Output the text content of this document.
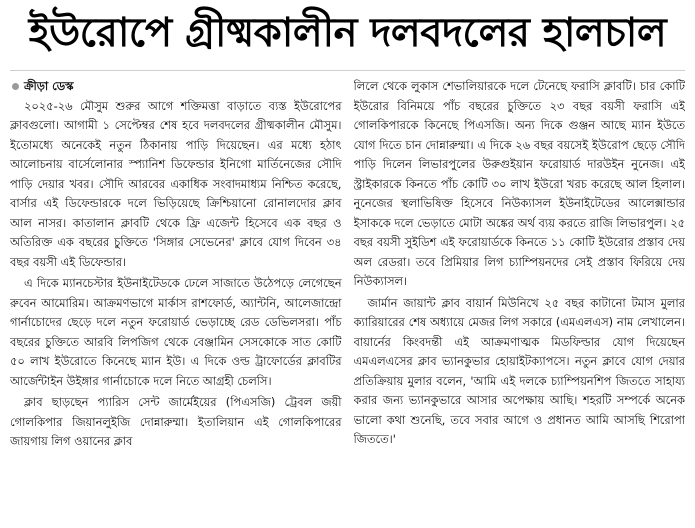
ইউরোপে গ্রীষ্মকালীন দলবদলের হালচাল
ক্রীড়া ডেস্ক

২০২৫-২৬ মৌসুম শুরুর আগে শক্তিমত্তা বাড়াতে ব্যস্ত ইউরোপের ক্লাবগুলো। আগামী ১ সেপ্টেম্বর শেষ হবে দলবদলের গ্রীষ্মকালীন মৌসুম। ইতোমধ্যে অনেকেই নতুন ঠিকানায় পাড়ি দিয়েছেন। এর মধ্যে হঠাৎ আলোচনায় বার্সেলোনার স্প্যানিশ ডিফেন্ডার ইনিগো মার্তিনেজের সৌদি পাড়ি দেয়ার খবর। সৌদি আরবের একাধিক সংবাদমাধ্যম নিশ্চিত করেছে, বার্সার এই ডিফেন্ডারকে দলে ভিড়িয়েছে ক্রিশ্চিয়ানো রোনালদোর ক্লাব আল নাসর। কাতালান ক্লাবটি থেকে ফ্রি এজেন্ট হিসেবে এক বছর ও অতিরিক্ত এক বছরের চুক্তিতে 'সিঙ্গার সেভেনের' ক্লাবে যোগ দিবেন ৩৪ বছর বয়সী এই ডিফেন্ডার।

এ দিকে ম্যানচেস্টার ইউনাইটেডকে ঢেলে সাজাতে উঠেপড়ে লেগেছেন রুবেন আমোরিম। আক্রমণভাগে মার্কাস রাশফোর্ড, অ্যান্টনি, আলেজান্দ্রো গার্নাচোদের ছেড়ে দলে নতুন ফরোয়ার্ড ভেড়াচ্ছে রেড ডেভিলসরা। পাঁচ বছরের চুক্তিতে আরবি লিপজিগ থেকে বেঞ্জামিন সেসকোকে সাত কোটি ৫০ লাখ ইউরোতে কিনেছে ম্যান ইউ। এ দিকে ওল্ড ট্রাফোর্ডের ক্লাবটির আর্জেন্টাইন উইঙ্গার গার্নাচোকে দলে নিতে আগ্রহী চেলসি।

ক্লাব ছাড়ছেন প্যারিস সেন্ট জার্মেইয়ের (পিএসজি) ট্রেবল জয়ী গোলকিপার জিয়ানলুইজি দোন্নারুম্মা। ইতালিয়ান এই গোলকিপারের জায়গায় লিগ ওয়ানের ক্লাব

লিলে থেকে লুকাস শেভালিয়ারকে দলে টেনেছে ফরাসি ক্লাবটি। চার কোটি ইউরোর বিনিময়ে পাঁচ বছরের চুক্তিতে ২৩ বছর বয়সী ফরাসি এই গোলকিপারকে কিনেছে পিএসজি। অন্য দিকে গুঞ্জন আছে ম্যান ইউতে যোগ দিতে চান দোন্নারুম্মা। এ দিকে ২৬ বছর বয়সেই ইউরোপ ছেড়ে সৌদি পাড়ি দিলেন লিভারপুলের উরুগুইয়ান ফরোয়ার্ড দারউইন নুনেজ। এই স্ট্রাইকারকে কিনতে পাঁচ কোটি ৩০ লাখ ইউরো খরচ করেছে আল হিলাল। নুনেজের স্থলাভিষিক্ত হিসেবে নিউক্যাসল ইউনাইটেডের আলেক্সান্ডার ইসাককে দলে ভেড়াতে মোটা অঙ্কের অর্থ ব্যয় করতে রাজি লিভারপুল। ২৫ বছর বয়সী সুইডিশ এই ফরোয়ার্ডকে কিনতে ১১ কোটি ইউরোর প্রস্তাব দেয় অল রেডরা। তবে প্রিমিয়ার লিগ চ্যাম্পিয়নদের সেই প্রস্তাব ফিরিয়ে দেয় নিউক্যাসল।

জার্মান জায়ান্ট ক্লাব বায়ার্ন মিউনিখে ২৫ বছর কাটানো টমাস মুলার ক্যারিয়ারের শেষ অধ্যায়ে মেজর লিগ সকারে (এমএলএস) নাম লেখালেন। বায়ার্নের কিংবদন্তী এই আক্রমণাত্মক মিডফিল্ডার যোগ দিয়েছেন এমএলএসের ক্লাব ভ্যানকুভার হোয়াইটক্যাপসে। নতুন ক্লাবে যোগ দেয়ার প্রতিক্রিয়ায় মুলার বলেন, 'আমি এই দলকে চ্যাম্পিয়নশিপ জিততে সাহায্য করার জন্য ভ্যানকুভারে আসার অপেক্ষায় আছি। শহরটি সম্পর্কে অনেক ভালো কথা শুনেছি, তবে সবার আগে ও প্রধানত আমি আসছি শিরোপা জিততে।'
